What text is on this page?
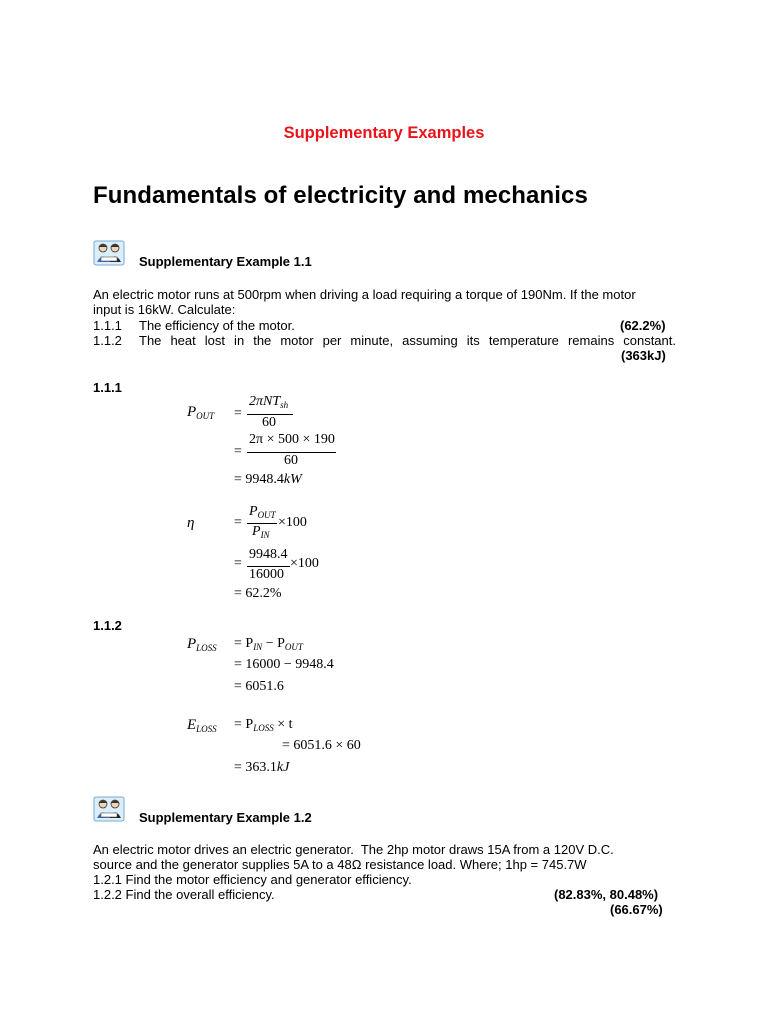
Supplementary Examples
Fundamentals of electricity and mechanics
Supplementary Example 1.1
An electric motor runs at 500rpm when driving a load requiring a torque of 190Nm. If the motor
input is 16kW. Calculate:
1.1.1 The efficiency of the motor.	(62.2%)
1.1.2 The heat lost in the motor per minute, assuming its temperature remains constant.
(363kJ)
1.1.1
$P_{OUT}$ =
2πNT$_{sh}$
60
=
2π × 500 × 190
60
= 9948.4kW
η	=
$P_{OUT}$
$P_{IN}$
×100
=
9948.4
16000
×100
= 62.2%
1.1.2
$P_{LOSS} = P_{IN} - P_{OUT}$
= 16000 − 9948.4
= 6051.6
$E_{LOSS} = P_{LOSS} \times t$
= 6051.6 × 60
= 363.1kJ
Supplementary Example 1.2
An electric motor drives an electric generator.  The 2hp motor draws 15A from a 120V D.C.
source and the generator supplies 5A to a 48Ω resistance load. Where; 1hp = 745.7W
1.2.1 Find the motor efficiency and generator efficiency.
1.2.2 Find the overall efficiency.	(82.83%, 80.48%)
(66.67%)
